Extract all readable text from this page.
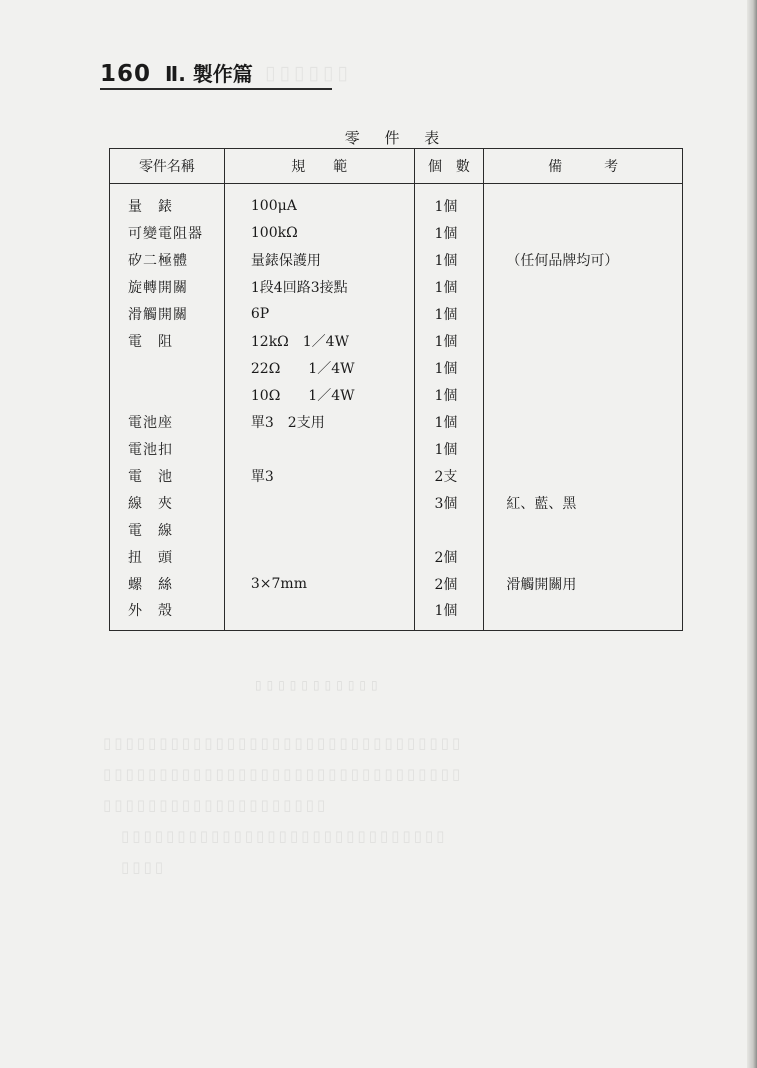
▯▯▯▯▯▯
▯▯▯▯▯▯▯▯▯▯▯
▯▯▯▯▯▯▯▯▯▯▯▯▯▯▯▯▯▯▯▯▯▯▯▯▯▯▯▯▯▯▯▯
▯▯▯▯▯▯▯▯▯▯▯▯▯▯▯▯▯▯▯▯▯▯▯▯▯▯▯▯▯▯▯▯
▯▯▯▯▯▯▯▯▯▯▯▯▯▯▯▯▯▯▯▯
　▯▯▯▯▯▯▯▯▯▯▯▯▯▯▯▯▯▯▯▯▯▯▯▯▯▯▯▯▯
　▯▯▯▯
160 Ⅱ. 製作篇
零 件 表
零件名稱	規　　範	個　數	備　　　考
量　錶	100μA	1個	
可變電阻器	100kΩ	1個	
矽二極體	量錶保護用	1個	（任何品牌均可）
旋轉開關	1段4回路3接點	1個	
滑觸開關	6P	1個	
電　阻	12kΩ　1／4W	1個	
	22Ω　　1／4W	1個	
	10Ω　　1／4W	1個	
電池座	單3　2支用	1個	
電池扣		1個	
電　池	單3	2支	
線　夾		3個	紅、藍、黑
電　線			
扭　頭		2個	
螺　絲	3×7mm	2個	滑觸開關用
外　殼		1個	
